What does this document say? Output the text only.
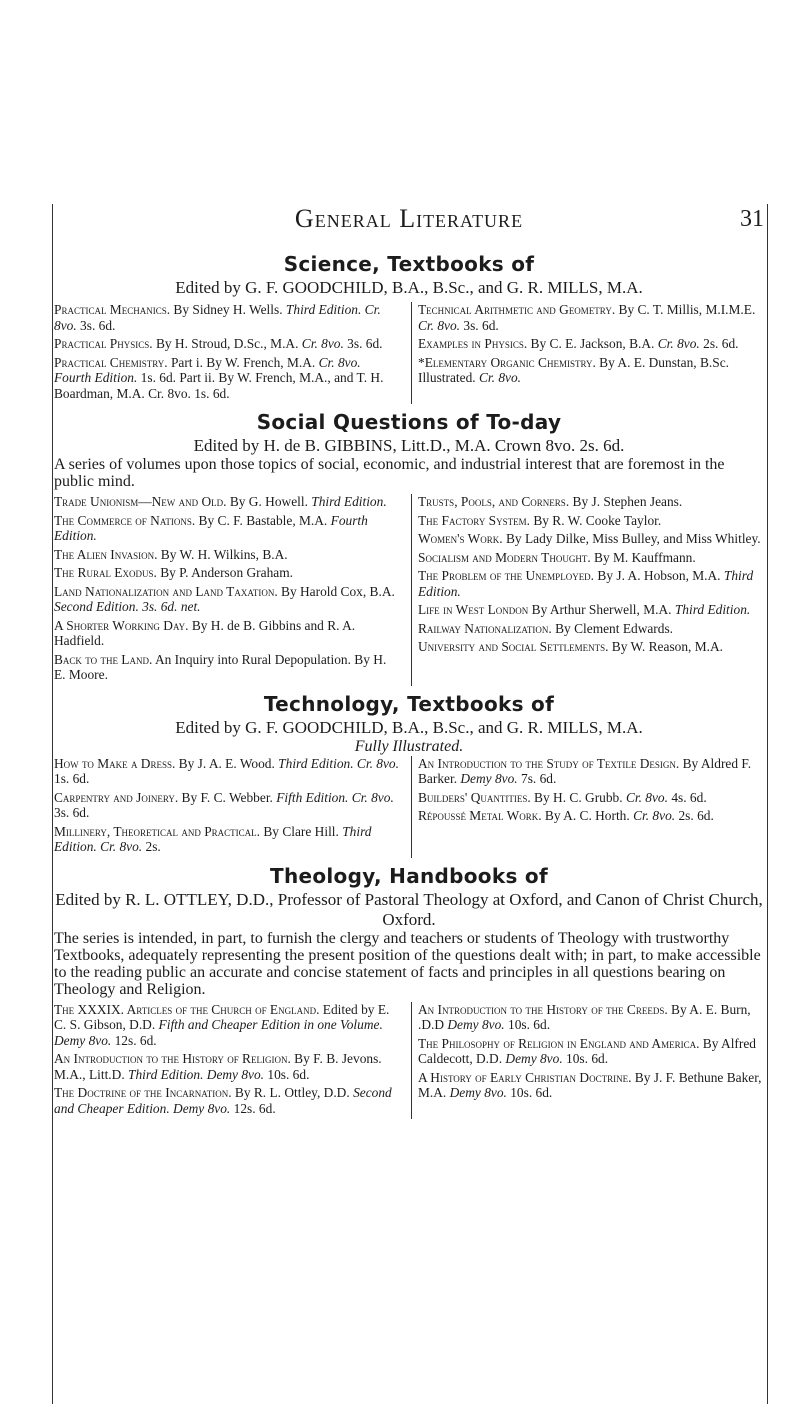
General Literature	31
Science, Textbooks of
Edited by G. F. GOODCHILD, B.A., B.Sc., and G. R. MILLS, M.A.
Practical Mechanics. By Sidney H. Wells. Third Edition. Cr. 8vo. 3s. 6d.
Practical Physics. By H. Stroud, D.Sc., M.A. Cr. 8vo. 3s. 6d.
Practical Chemistry. Part i. By W. French, M.A. Cr. 8vo. Fourth Edition. 1s. 6d. Part ii. By W. French, M.A., and T. H. Boardman, M.A. Cr. 8vo. 1s. 6d.
Technical Arithmetic and Geometry. By C. T. Millis, M.I.M.E. Cr. 8vo. 3s. 6d.
Examples in Physics. By C. E. Jackson, B.A. Cr. 8vo. 2s. 6d.
*Elementary Organic Chemistry. By A. E. Dunstan, B.Sc. Illustrated. Cr. 8vo.
Social Questions of To-day
Edited by H. de B. GIBBINS, Litt.D., M.A. Crown 8vo. 2s. 6d.
A series of volumes upon those topics of social, economic, and industrial interest that are foremost in the public mind.
Trade Unionism—New and Old. By G. Howell. Third Edition.
The Commerce of Nations. By C. F. Bastable, M.A. Fourth Edition.
The Alien Invasion. By W. H. Wilkins, B.A.
The Rural Exodus. By P. Anderson Graham.
Land Nationalization and Land Taxation. By Harold Cox, B.A. Second Edition. 3s. 6d. net.
A Shorter Working Day. By H. de B. Gibbins and R. A. Hadfield.
Back to the Land. An Inquiry into Rural Depopulation. By H. E. Moore.
Trusts, Pools, and Corners. By J. Stephen Jeans.
The Factory System. By R. W. Cooke Taylor.
Women's Work. By Lady Dilke, Miss Bulley, and Miss Whitley.
Socialism and Modern Thought. By M. Kauffmann.
The Problem of the Unemployed. By J. A. Hobson, M.A. Third Edition.
Life in West London By Arthur Sherwell, M.A. Third Edition.
Railway Nationalization. By Clement Edwards.
University and Social Settlements. By W. Reason, M.A.
Technology, Textbooks of
Edited by G. F. GOODCHILD, B.A., B.Sc., and G. R. MILLS, M.A.
Fully Illustrated.
How to Make a Dress. By J. A. E. Wood. Third Edition. Cr. 8vo. 1s. 6d.
Carpentry and Joinery. By F. C. Webber. Fifth Edition. Cr. 8vo. 3s. 6d.
Millinery, Theoretical and Practical. By Clare Hill. Third Edition. Cr. 8vo. 2s.
An Introduction to the Study of Textile Design. By Aldred F. Barker. Demy 8vo. 7s. 6d.
Builders' Quantities. By H. C. Grubb. Cr. 8vo. 4s. 6d.
Répoussé Metal Work. By A. C. Horth. Cr. 8vo. 2s. 6d.
Theology, Handbooks of
Edited by R. L. OTTLEY, D.D., Professor of Pastoral Theology at Oxford, and Canon of Christ Church, Oxford.
The series is intended, in part, to furnish the clergy and teachers or students of Theology with trustworthy Textbooks, adequately representing the present position of the questions dealt with; in part, to make accessible to the reading public an accurate and concise statement of facts and principles in all questions bearing on Theology and Religion.
The XXXIX. Articles of the Church of England. Edited by E. C. S. Gibson, D.D. Fifth and Cheaper Edition in one Volume. Demy 8vo. 12s. 6d.
An Introduction to the History of Religion. By F. B. Jevons. M.A., Litt.D. Third Edition. Demy 8vo. 10s. 6d.
The Doctrine of the Incarnation. By R. L. Ottley, D.D. Second and Cheaper Edition. Demy 8vo. 12s. 6d.
An Introduction to the History of the Creeds. By A. E. Burn, .D.D Demy 8vo. 10s. 6d.
The Philosophy of Religion in England and America. By Alfred Caldecott, D.D. Demy 8vo. 10s. 6d.
A History of Early Christian Doctrine. By J. F. Bethune Baker, M.A. Demy 8vo. 10s. 6d.
